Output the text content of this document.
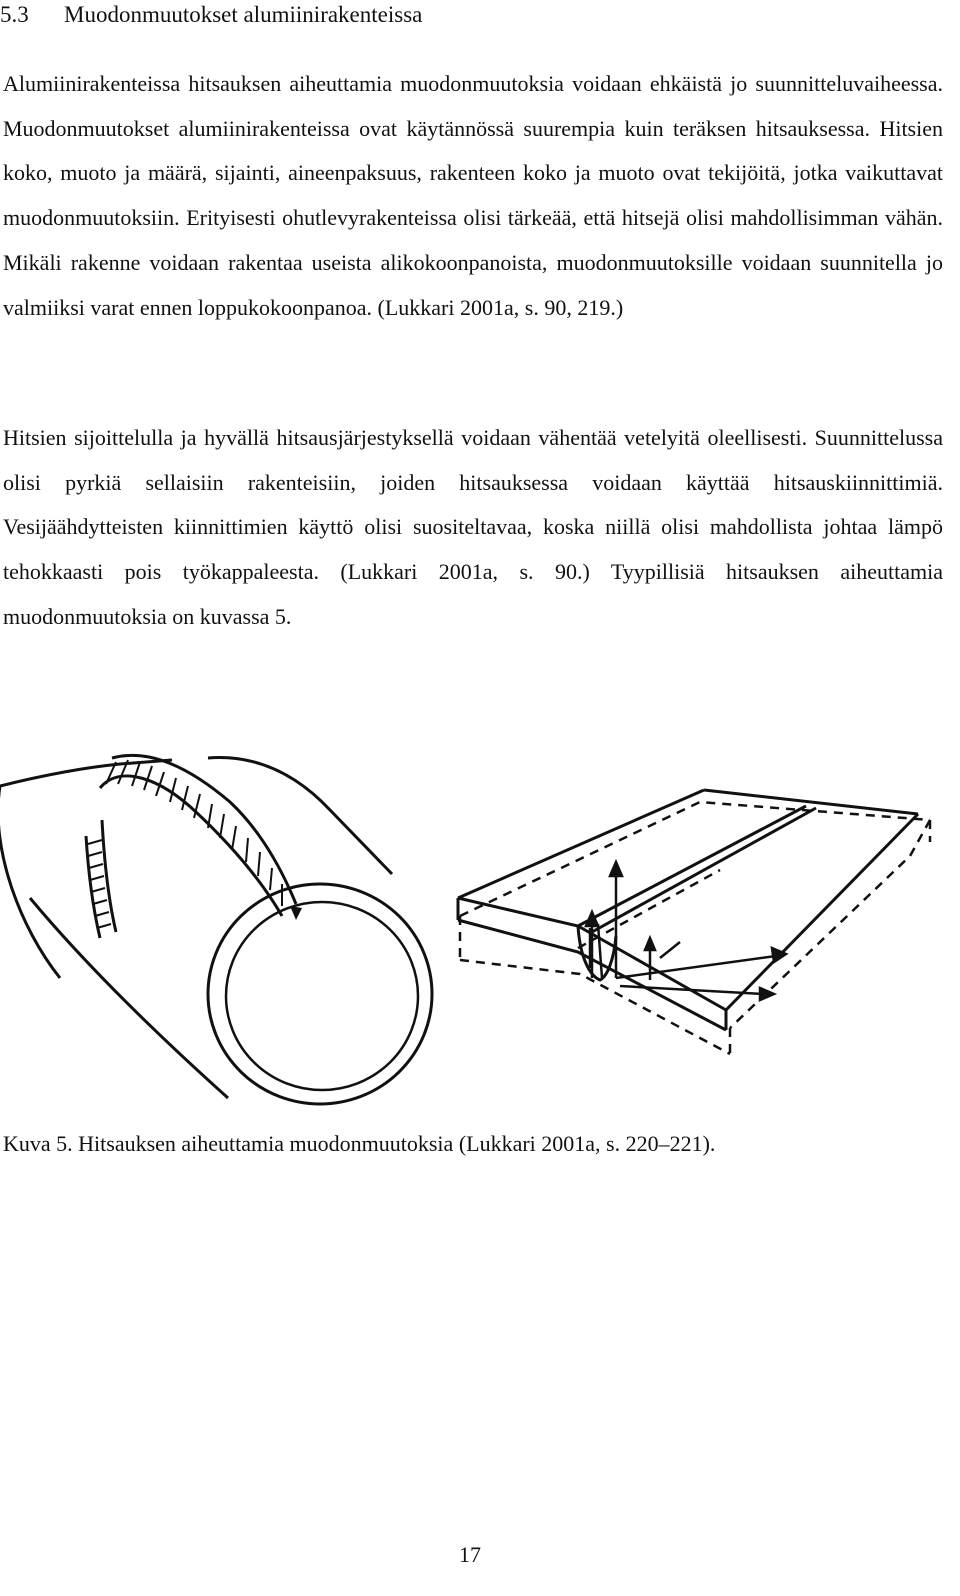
5.3 Muodonmuutokset alumiinirakenteissa

Alumiinirakenteissa hitsauksen aiheuttamia muodonmuutoksia voidaan ehkäistä jo suunnitteluvaiheessa. Muodonmuutokset alumiinirakenteissa ovat käytännössä suurempia kuin teräksen hitsauksessa. Hitsien koko, muoto ja määrä, sijainti, aineenpaksuus, rakenteen koko ja muoto ovat tekijöitä, jotka vaikuttavat muodonmuutoksiin. Erityisesti ohutlevyrakenteissa olisi tärkeää, että hitsejä olisi mahdollisimman vähän. Mikäli rakenne voidaan rakentaa useista alikokoonpanoista, muodonmuutoksille voidaan suunnitella jo valmiiksi varat ennen loppukokoonpanoa. (Lukkari 2001a, s. 90, 219.)

Hitsien sijoittelulla ja hyvällä hitsausjärjestyksellä voidaan vähentää vetelyitä oleellisesti. Suunnittelussa olisi pyrkiä sellaisiin rakenteisiin, joiden hitsauksessa voidaan käyttää hitsauskiinnittimiä. Vesijäähdytteisten kiinnittimien käyttö olisi suositeltavaa, koska niillä olisi mahdollista johtaa lämpö tehokkaasti pois työkappaleesta. (Lukkari 2001a, s. 90.) Tyypillisiä hitsauksen aiheuttamia muodonmuutoksia on kuvassa 5.

Kuva 5. Hitsauksen aiheuttamia muodonmuutoksia (Lukkari 2001a, s. 220–221).
17
